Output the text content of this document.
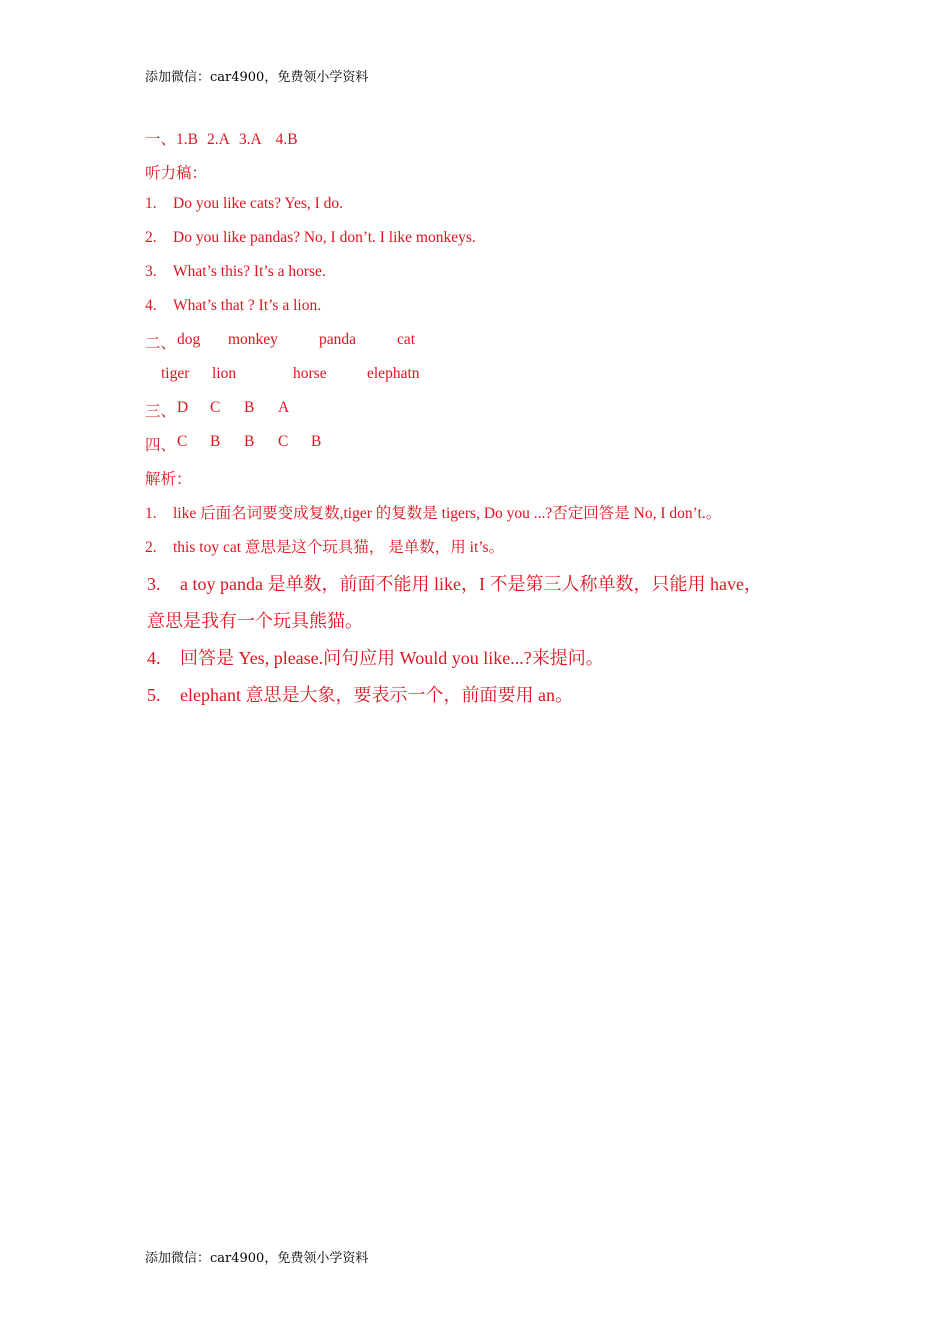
添加微信：car4900，免费领小学资料
一、1.B 2.A 3.A 4.B
听力稿：
1. Do you like cats? Yes, I do.
2. Do you like pandas? No, I don’t. I like monkeys.
3. What’s this? It’s a horse.
4. What’s that ? It’s a lion.
二、 dog monkey	panda	cat
tiger lion	horse	elephatn
三、 D C B A
四、 C B B C B
解析：
1. like 后面名词要变成复数,tiger 的复数是 tigers, Do you ...?否定回答是 No, I don’t.。
2. this toy cat 意思是这个玩具猫， 是单数，用 it’s。
3. a toy panda 是单数，前面不能用 like，I 不是第三人称单数，只能用 have，
意思是我有一个玩具熊猫。
4. 回答是 Yes, please.问句应用 Would you like...?来提问。
5. elephant 意思是大象，要表示一个，前面要用 an。
添加微信：car4900，免费领小学资料
